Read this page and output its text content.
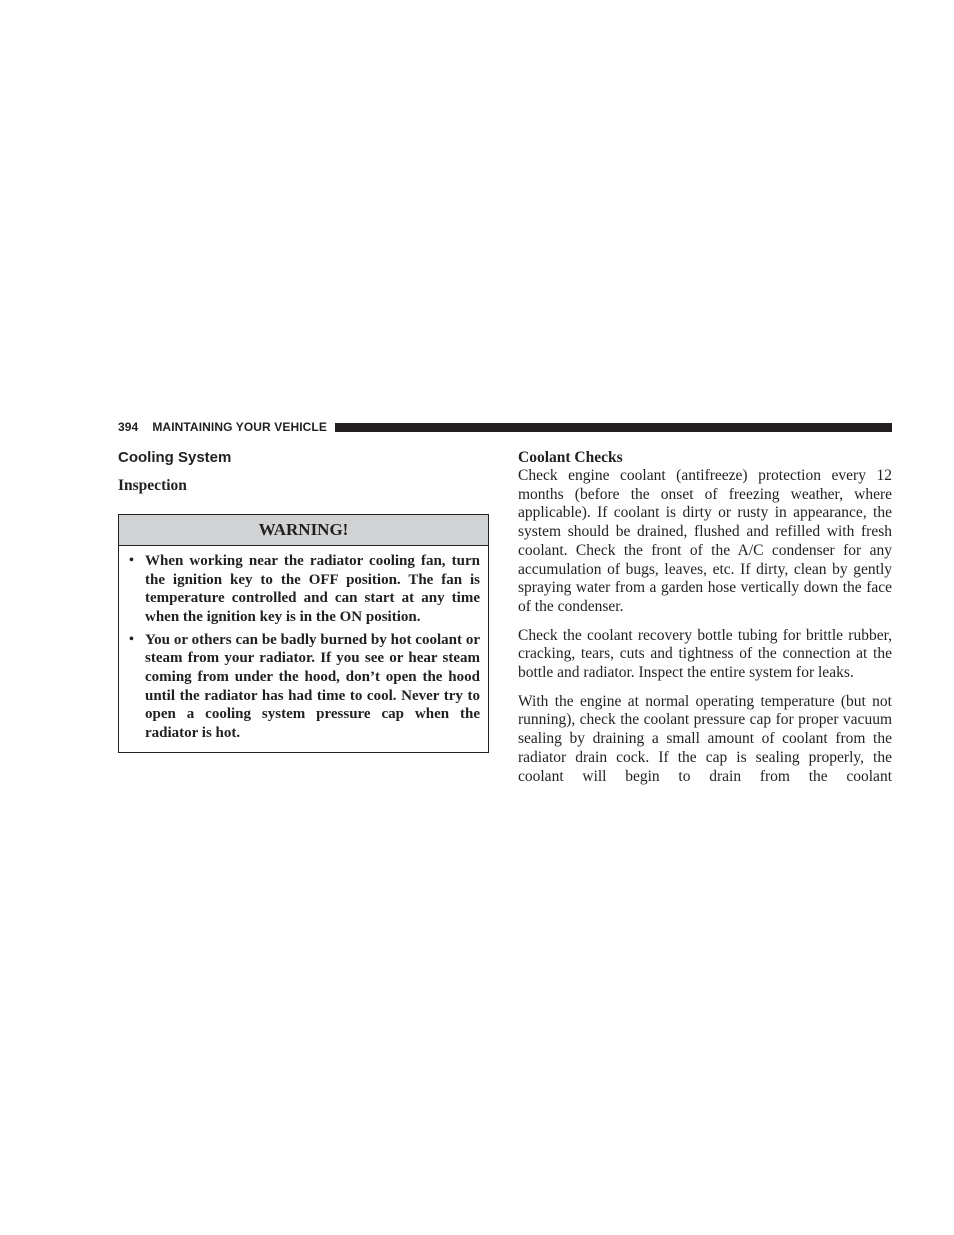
394 MAINTAINING YOUR VEHICLE
Cooling System
Inspection
WARNING!
• When working near the radiator cooling fan, turn the ignition key to the OFF position. The fan is temperature controlled and can start at any time when the ignition key is in the ON position.
• You or others can be badly burned by hot coolant or steam from your radiator. If you see or hear steam coming from under the hood, don’t open the hood until the radiator has had time to cool. Never try to open a cooling system pressure cap when the radiator is hot.
Coolant Checks

Check engine coolant (antifreeze) protection every 12 months (before the onset of freezing weather, where applicable). If coolant is dirty or rusty in appearance, the system should be drained, flushed and refilled with fresh coolant. Check the front of the A/C condenser for any accumulation of bugs, leaves, etc. If dirty, clean by gently spraying water from a garden hose vertically down the face of the condenser.

Check the coolant recovery bottle tubing for brittle rubber, cracking, tears, cuts and tightness of the connection at the bottle and radiator. Inspect the entire system for leaks.

With the engine at normal operating temperature (but not running), check the coolant pressure cap for proper vacuum sealing by draining a small amount of coolant from the radiator drain cock. If the cap is sealing properly, the coolant will begin to drain from the coolant
